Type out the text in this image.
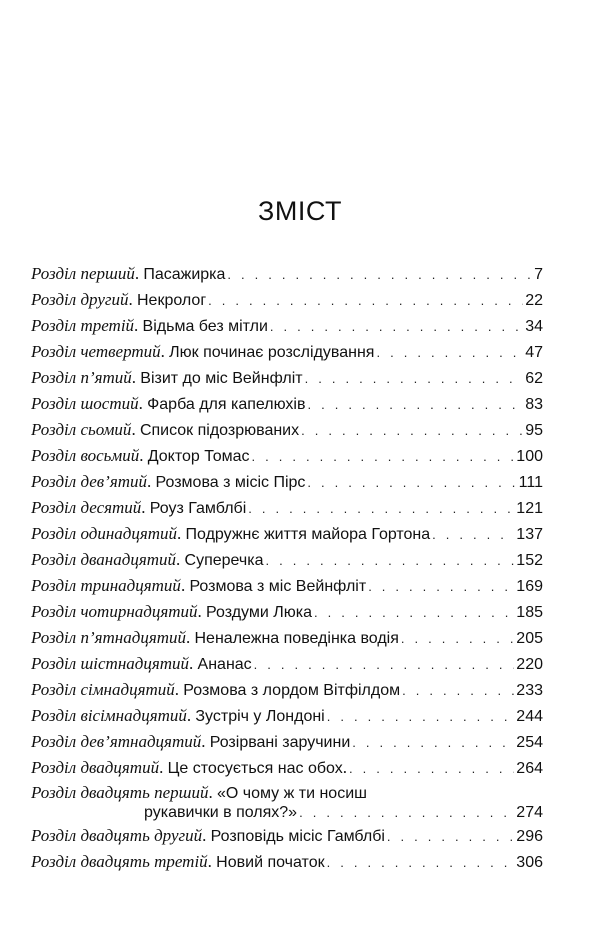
ЗМІСТ
Розділ перший. Пасажирка . . .	7
Розділ другий. Некролог . . .	22
Розділ третій. Відьма без мітли . . .	34
Розділ четвертий. Люк починає розслідування . . .	47
Розділ п’ятий. Візит до міс Вейнфліт . . .	62
Розділ шостий. Фарба для капелюхів . . .	83
Розділ сьомий. Список підозрюваних . . .	95
Розділ восьмий. Доктор Томас . . .	100
Розділ дев’ятий. Розмова з місіс Пірс . . .	111
Розділ десятий. Роуз Гамблбі . . .	121
Розділ одинадцятий. Подружнє життя майора Гортона . . .	137
Розділ дванадцятий. Суперечка . . .	152
Розділ тринадцятий. Розмова з міс Вейнфліт . . .	169
Розділ чотирнадцятий. Роздуми Люка . . .	185
Розділ п’ятнадцятий. Неналежна поведінка водія . . .	205
Розділ шістнадцятий. Ананас . . .	220
Розділ сімнадцятий. Розмова з лордом Вітфілдом . . .	233
Розділ вісімнадцятий. Зустріч у Лондоні . . .	244
Розділ дев’ятнадцятий. Розірвані заручини . . .	254
Розділ двадцятий. Це стосується нас обох. . . .	264
Розділ двадцять перший. «О чому ж ти носиш
рукавички в полях?» . . .	274
Розділ двадцять другий. Розповідь місіс Гамблбі . . .	296
Розділ двадцять третій. Новий початок . . .	306
